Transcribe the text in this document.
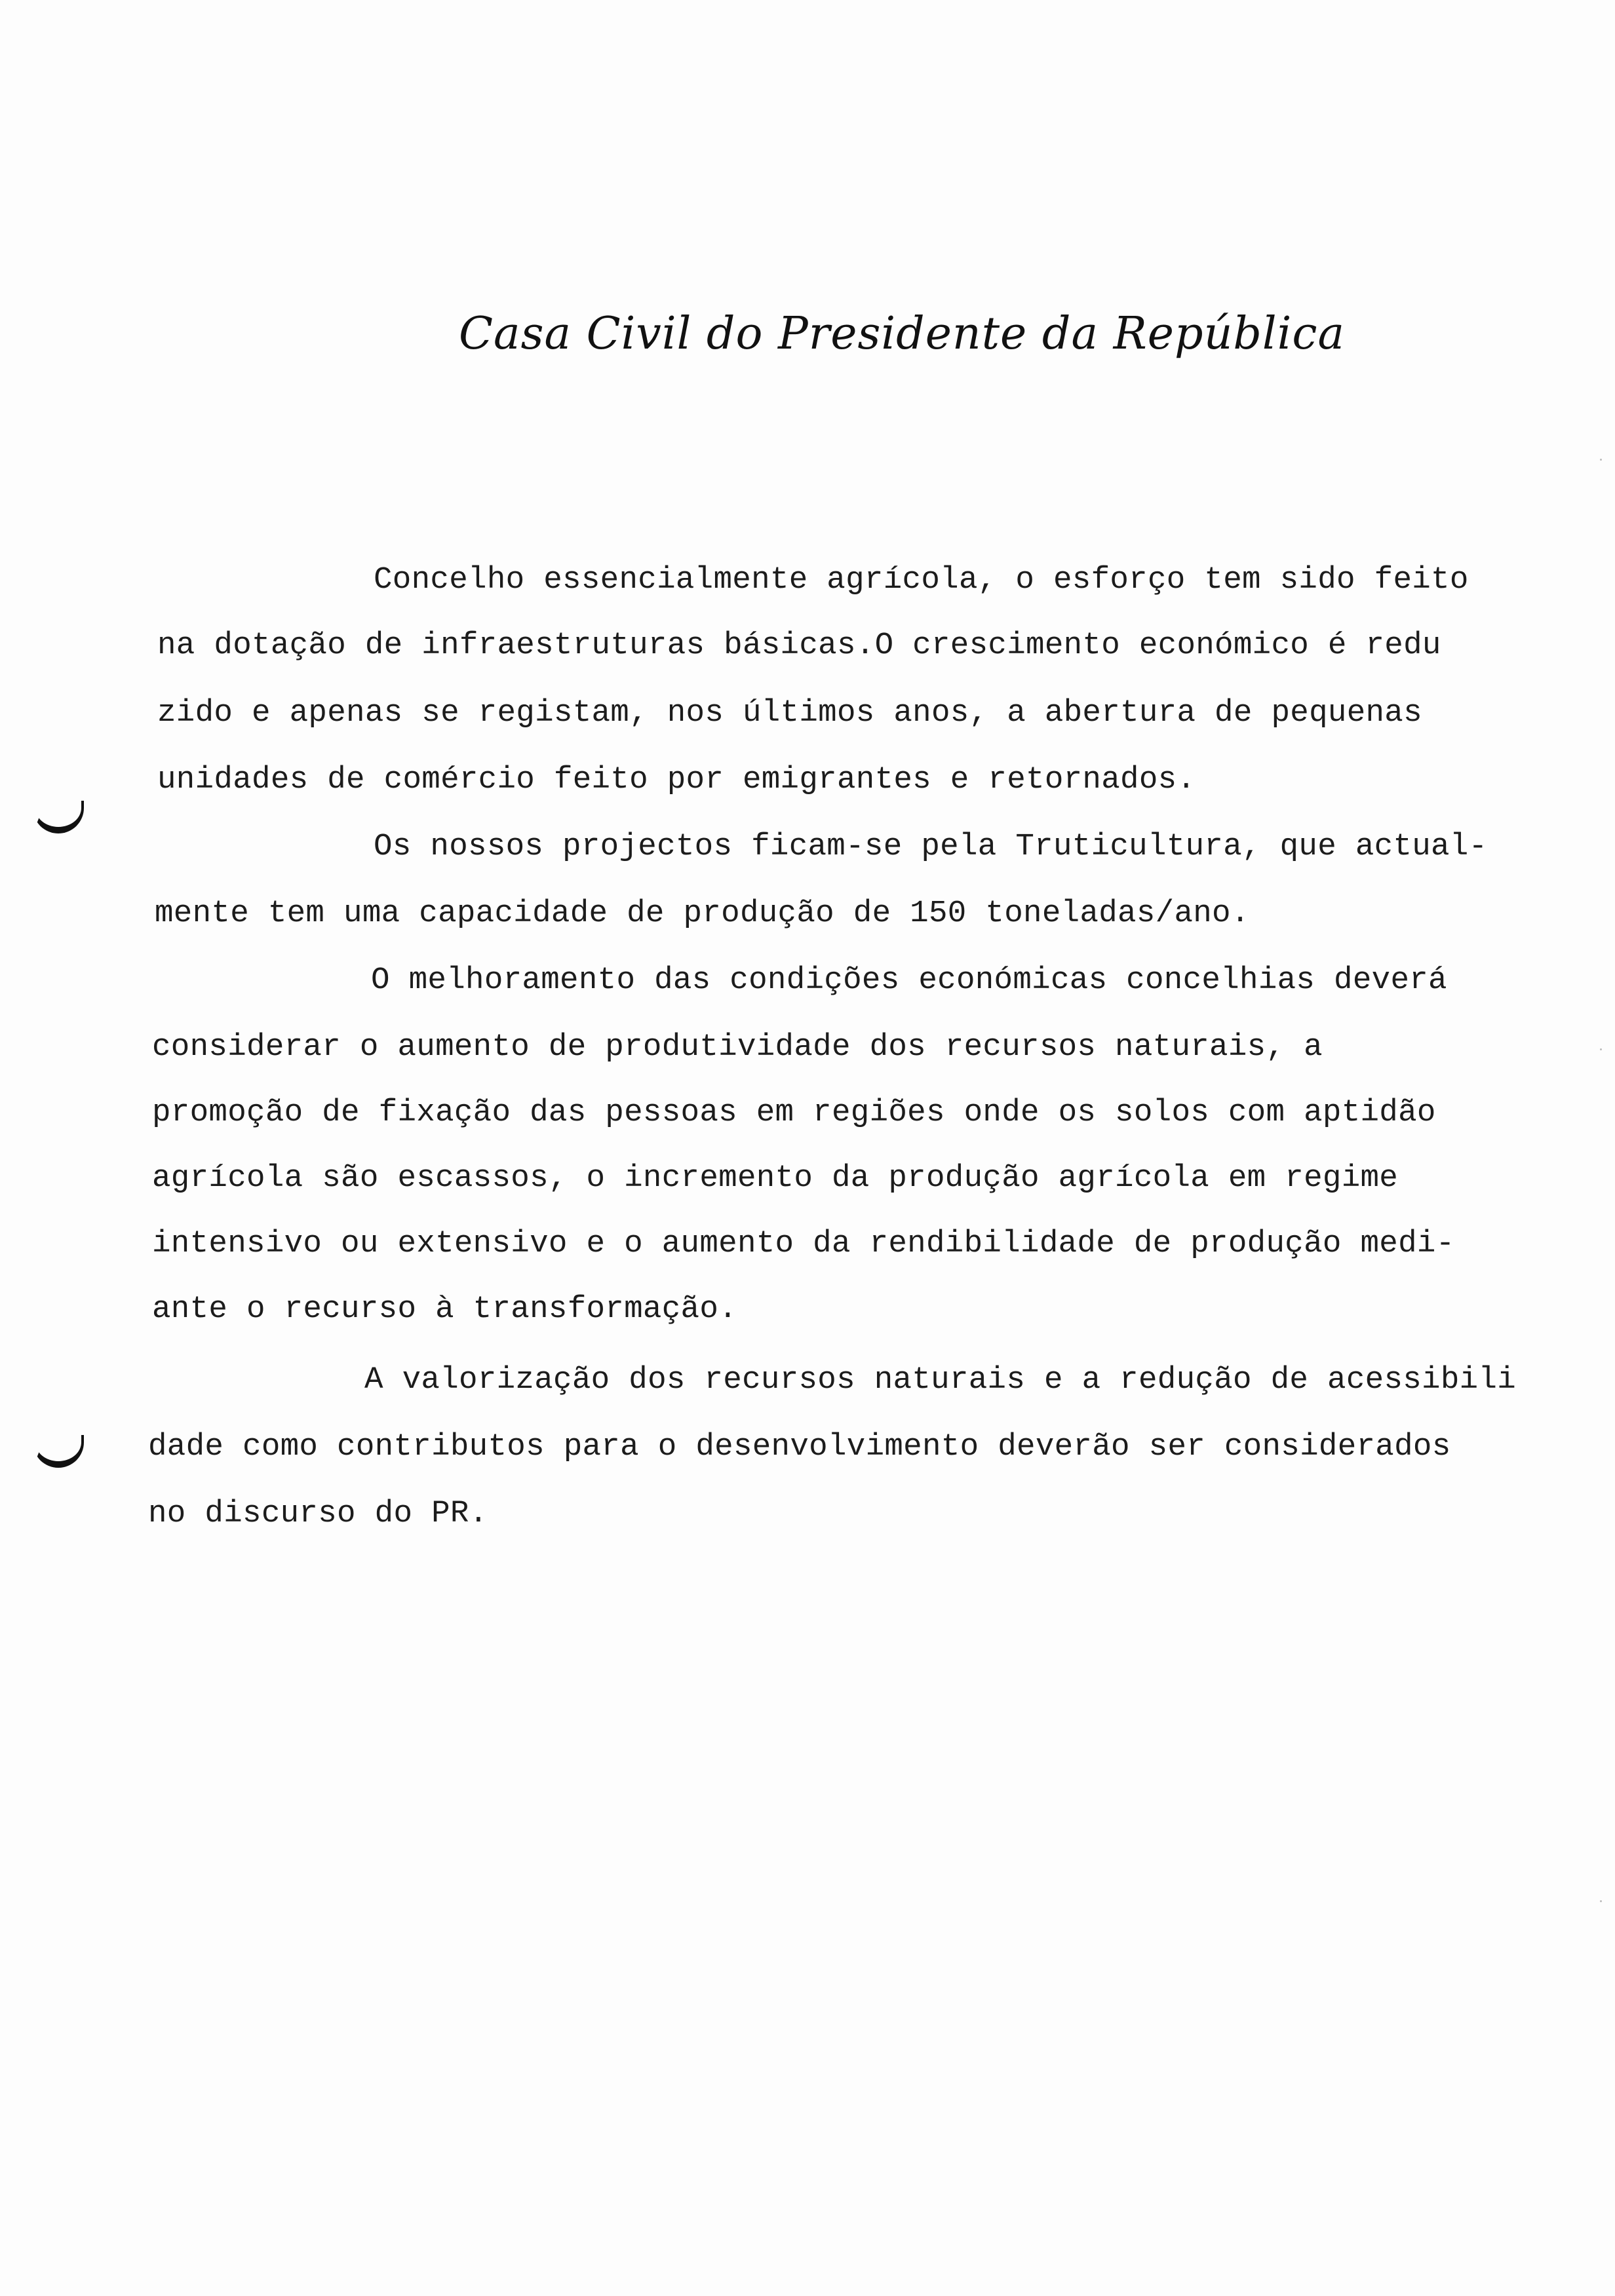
Casa Civil do Presidente da República
Concelho essencialmente agrícola, o esforço tem sido feito
na dotação de infraestruturas básicas.O crescimento económico é redu
zido e apenas se registam, nos últimos anos, a abertura de pequenas
unidades de comércio feito por emigrantes e retornados.
Os nossos projectos ficam-se pela Truticultura, que actual-
mente tem uma capacidade de produção de 150 toneladas/ano.
O melhoramento das condições económicas concelhias deverá
considerar o aumento de produtividade dos recursos naturais, a
promoção de fixação das pessoas em regiões onde os solos com aptidão
agrícola são escassos, o incremento da produção agrícola em regime
intensivo ou extensivo e o aumento da rendibilidade de produção medi-
ante o recurso à transformação.
A valorização dos recursos naturais e a redução de acessibili
dade como contributos para o desenvolvimento deverão ser considerados
no discurso do PR.
